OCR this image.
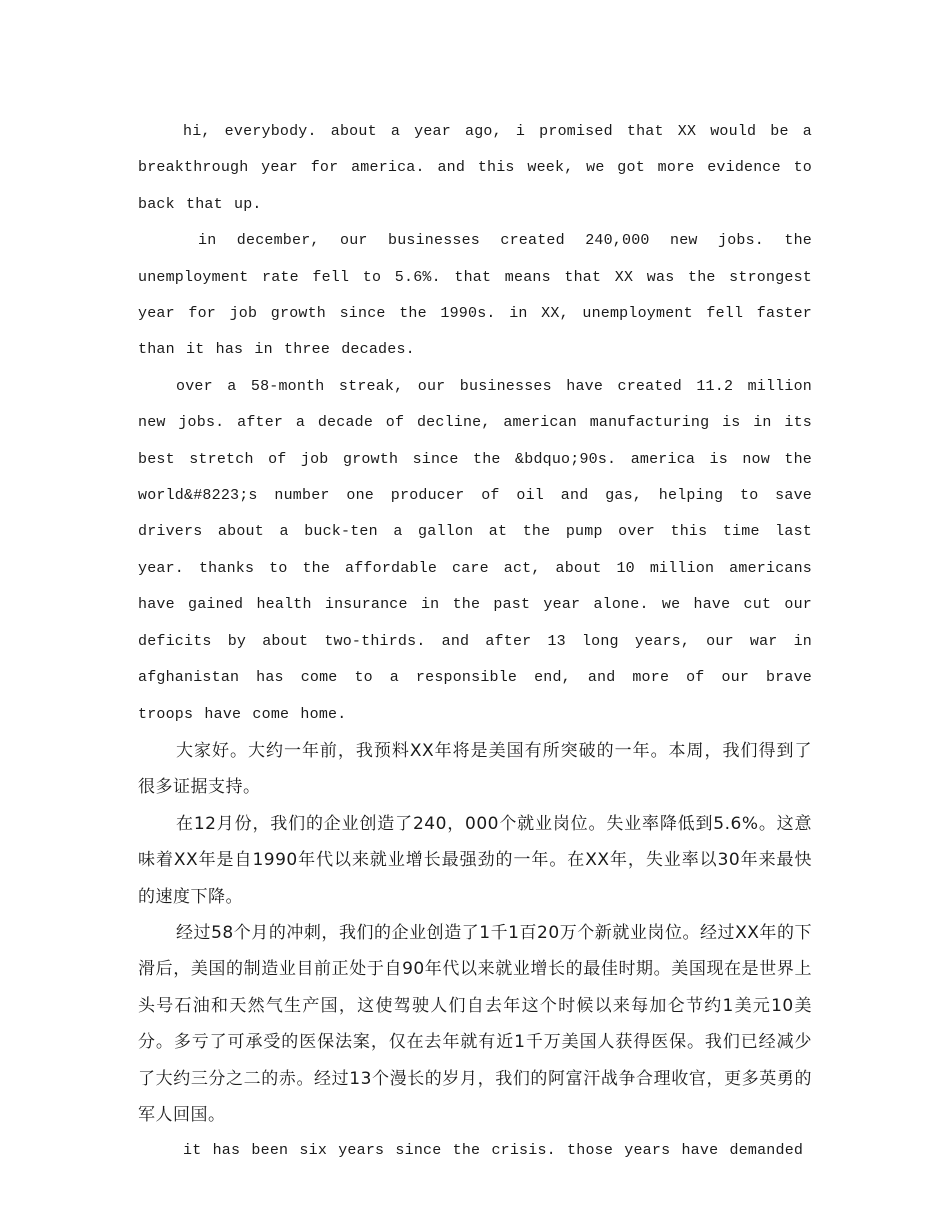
hi, everybody. about a year ago, i promised that XX would be a breakthrough year for america. and this week, we got more evidence to back that up.

in december, our businesses created 240,000 new jobs. the unemployment rate fell to 5.6%. that means that XX was the strongest year for job growth since the 1990s. in XX, unemployment fell faster than it has in three decades.

over a 58-month streak, our businesses have created 11.2 million new jobs. after a decade of decline, american manufacturing is in its best stretch of job growth since the &bdquo;90s. america is now the world&#8223;s number one producer of oil and gas, helping to save drivers about a buck-ten a gallon at the pump over this time last year. thanks to the affordable care act, about 10 million americans have gained health insurance in the past year alone. we have cut our deficits by about two-thirds. and after 13 long years, our war in afghanistan has come to a responsible end, and more of our brave troops have come home.

大家好。大约一年前，我预料XX年将是美国有所突破的一年。本周，我们得到了很多证据支持。

在12月份，我们的企业创造了240，000个就业岗位。失业率降低到5.6%。这意味着XX年是自1990年代以来就业增长最强劲的一年。在XX年，失业率以30年来最快的速度下降。

经过58个月的冲刺，我们的企业创造了1千1百20万个新就业岗位。经过XX年的下滑后，美国的制造业目前正处于自90年代以来就业增长的最佳时期。美国现在是世界上头号石油和天然气生产国，这使驾驶人们自去年这个时候以来每加仑节约1美元10美分。多亏了可承受的医保法案，仅在去年就有近1千万美国人获得医保。我们已经减少了大约三分之二的赤。经过13个漫长的岁月，我们的阿富汗战争合理收官，更多英勇的军人回国。

it has been six years since the crisis. those years have demanded
